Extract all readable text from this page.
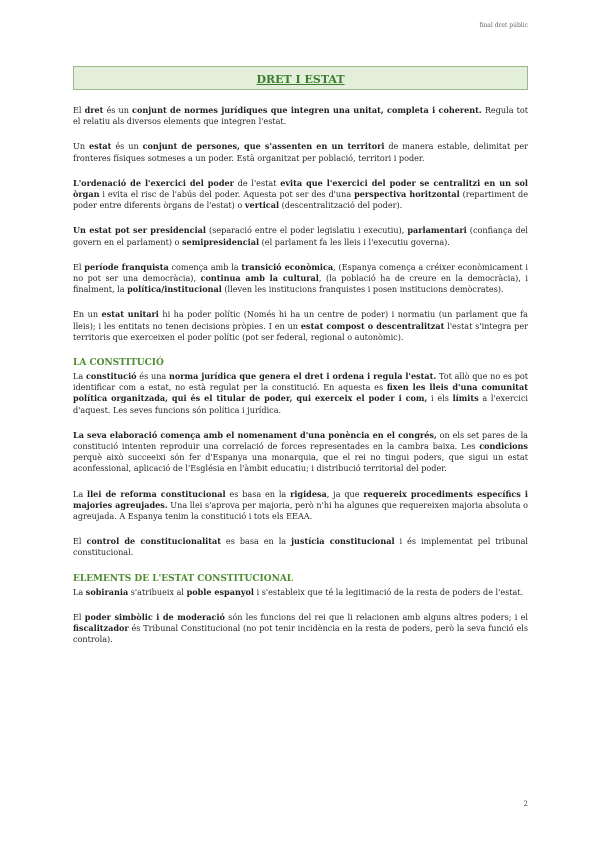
final dret públic
DRET I ESTAT

El dret és un conjunt de normes jurídiques que integren una unitat, completa i coherent. Regula tot el relatiu als diversos elements que integren l'estat.

Un estat és un conjunt de persones, que s'assenten en un territori de manera estable, delimitat per fronteres físiques sotmeses a un poder. Està organitzat per població, territori i poder.

L'ordenació de l'exercici del poder de l'estat evita que l'exercici del poder se centralitzi en un sol òrgan i evita el risc de l'abús del poder. Aquesta pot ser des d'una perspectiva horitzontal (repartiment de poder entre diferents òrgans de l'estat) o vertical (descentralització del poder).

Un estat pot ser presidencial (separació entre el poder legislatiu i executiu), parlamentari (confiança del govern en el parlament) o semipresidencial (el parlament fa les lleis i l'executiu governa).

El període franquista comença amb la transició econòmica, (Espanya comença a créixer econòmicament i no pot ser una democràcia), continua amb la cultural, (la població ha de creure en la democràcia), i finalment, la política/institucional (lleven les institucions franquistes i posen institucions demòcrates).

En un estat unitari hi ha poder polític (Només hi ha un centre de poder) i normatiu (un parlament que fa lleis); i les entitats no tenen decisions pròpies. I en un estat compost o descentralitzat l'estat s'integra per territoris que exerceixen el poder polític (pot ser federal, regional o autonòmic).

LA CONSTITUCIÓ

La constitució és una norma jurídica que genera el dret i ordena i regula l'estat. Tot allò que no es pot identificar com a estat, no està regulat per la constitució. En aquesta es fixen les lleis d'una comunitat política organitzada, qui és el titular de poder, qui exerceix el poder i com, i els límits a l'exercici d'aquest. Les seves funcions són política i jurídica.

La seva elaboració comença amb el nomenament d'una ponència en el congrés, on els set pares de la constitució intenten reproduir una correlació de forces representades en la cambra baixa. Les condicions perquè això succeeixi són fer d'Espanya una monarquia, que el rei no tingui poders, que sigui un estat aconfessional, aplicació de l'Església en l'àmbit educatiu; i distribució territorial del poder.

La llei de reforma constitucional es basa en la rigidesa, ja que requereix procediments específics i majories agreujades. Una llei s'aprova per majoria, però n'hi ha algunes que requereixen majoria absoluta o agreujada. A Espanya tenim la constitució i tots els EEAA.

El control de constitucionalitat es basa en la justícia constitucional i és implementat pel tribunal constitucional.

ELEMENTS DE L'ESTAT CONSTITUCIONAL

La sobirania s'atribueix al poble espanyol i s'estableix que té la legitimació de la resta de poders de l'estat.

El poder simbòlic i de moderació són les funcions del rei que li relacionen amb alguns altres poders; i el fiscalitzador és Tribunal Constitucional (no pot tenir incidència en la resta de poders, però la seva funció els controla).

2
